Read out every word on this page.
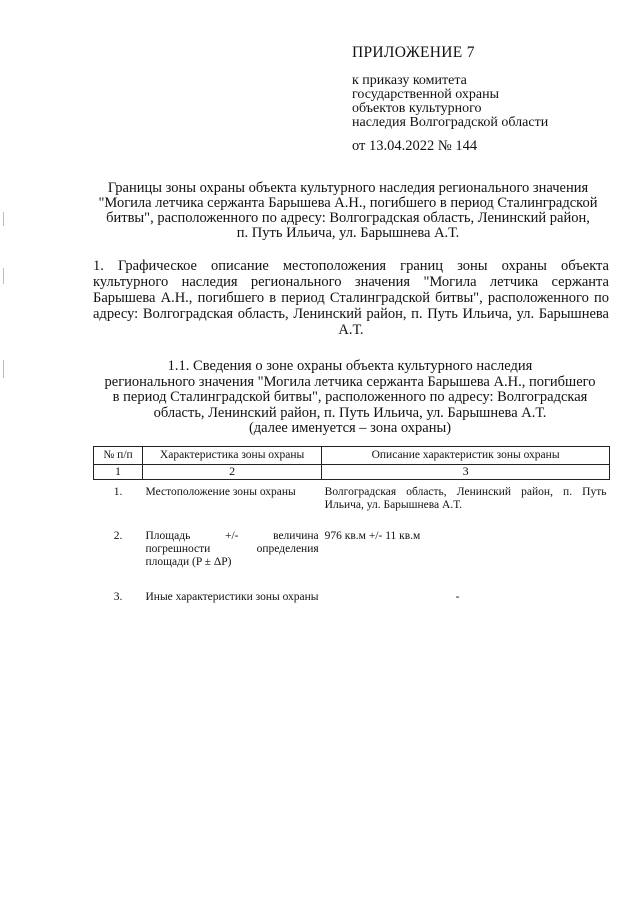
ПРИЛОЖЕНИЕ 7
к приказу комитета
государственной охраны
объектов культурного
наследия Волгоградской области
от 13.04.2022 № 144
Границы зоны охраны объекта культурного наследия регионального значения
"Могила летчика сержанта Барышева А.Н., погибшего в период Сталинградской
битвы", расположенного по адресу: Волгоградская область, Ленинский район,
п. Путь Ильича, ул. Барышнева А.Т.
1. Графическое описание местоположения границ зоны охраны объекта культурного наследия регионального значения "Могила летчика сержанта Барышева А.Н., погибшего в период Сталинградской битвы", расположенного по адресу: Волгоградская область, Ленинский район, п. Путь Ильича, ул. Барышнева А.Т.
1.1. Сведения о зоне охраны объекта культурного наследия
регионального значения "Могила летчика сержанта Барышева А.Н., погибшего
в период Сталинградской битвы", расположенного по адресу: Волгоградская
область, Ленинский район, п. Путь Ильича, ул. Барышнева А.Т.
(далее именуется – зона охраны)
№ п/п	Характеристика зоны охраны	Описание характеристик зоны охраны
1	2	3
1.	Местоположение зоны охраны	Волгоградская область, Ленинский район, п. Путь Ильича, ул. Барышнева А.Т.
2.	Площадь +/- величина погрешности определения площади (P ± ΔP)	976 кв.м +/- 11 кв.м
3.	Иные характеристики зоны охраны	-
